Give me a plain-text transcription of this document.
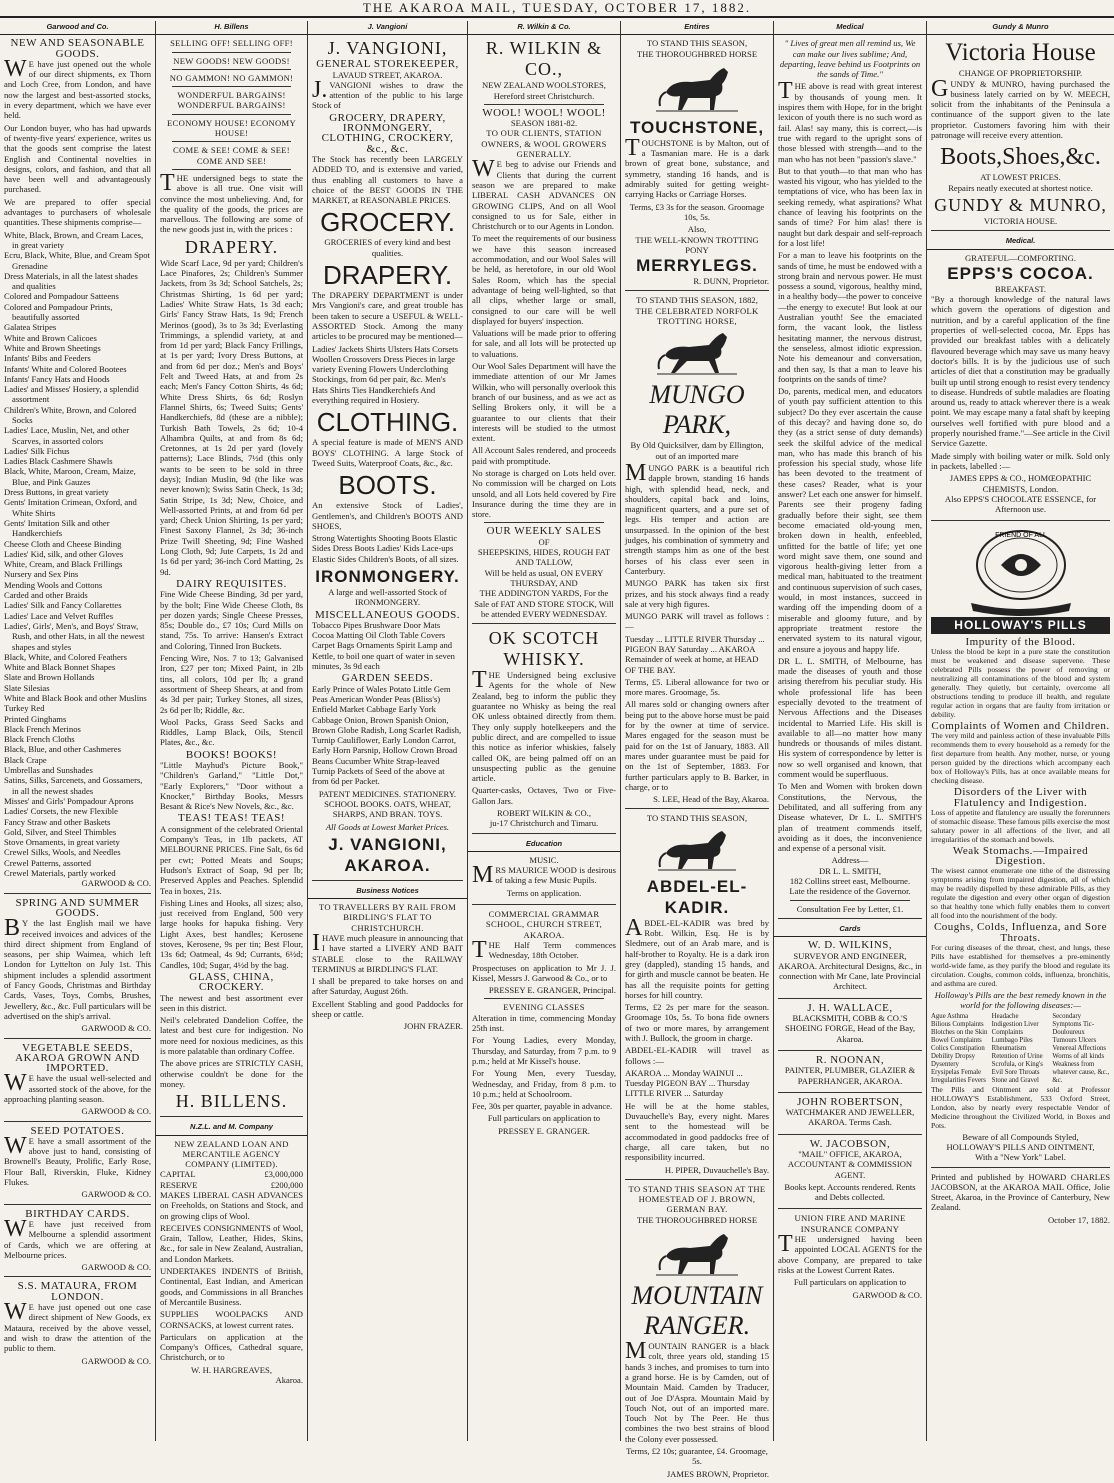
THE AKAROA MAIL, TUESDAY, OCTOBER 17, 1882.
Garwood and Co.
NEW AND SEASONABLE GOODS.

WE have just opened out the whole of our direct shipments, ex Thorn and Loch Cree, from London, and have now the largest and best-assorted stocks, in every department, which we have ever held.

Our London buyer, who has had upwards of twenty-five years' experience, writes us that the goods sent comprise the latest English and Continental novelties in designs, colors, and fashion, and that all have been well and advantageously purchased.

We are prepared to offer special advantages to purchasers of wholesale quantities. These shipments comprise—

White, Black, Brown, and Cream Laces, in great variety

Ecru, Black, White, Blue, and Cream Spot Grenadine

Dress Materials, in all the latest shades and qualities

Colored and Pompadour Satteens

Colored and Pompadour Prints, beautifully assorted

Galatea Stripes

White and Brown Calicoes

White and Brown Sheetings

Infants' Bibs and Feeders

Infants' White and Colored Bootees

Infants' Fancy Hats and Hoods

Ladies' and Misses' Hosiery, a splendid assortment

Children's White, Brown, and Colored Socks

Ladies' Lace, Muslin, Net, and other Scarves, in assorted colors

Ladies' Silk Fichus

Ladies Black Cashmere Shawls

Black, White, Maroon, Cream, Maize, Blue, and Pink Gauzes

Dress Buttons, in great variety

Gents' Imitation Crimean, Oxford, and White Shirts

Gents' Imitation Silk and other Handkerchiefs

Cheese Cloth and Cheese Binding

Ladies' Kid, silk, and other Gloves

White, Cream, and Black Frillings

Nursery and Sex Pins

Mending Wools and Cottons

Carded and other Braids

Ladies' Silk and Fancy Collarettes

Ladies' Lace and Velvet Ruffles

Ladies', Girls', Men's, and Boys' Straw, Rush, and other Hats, in all the newest shapes and styles

Black, White, and Colored Feathers

White and Black Bonnet Shapes

Slate and Brown Hollands

Slate Silesias

White and Black Book and other Muslins

Turkey Red

Printed Ginghams

Black French Merinos

Black French Cloths

Black, Blue, and other Cashmeres

Black Crape

Umbrellas and Sunshades

Satins, Silks, Sarcenets, and Gossamers, in all the newest shades

Misses' and Girls' Pompadour Aprons

Ladies' Corsets, the new Flexible

Fancy Straw and other Baskets

Gold, Silver, and Steel Thimbles

Stove Ornaments, in great variety

Crewel Silks, Wools, and Needles

Crewel Patterns, assorted

Crewel Materials, partly worked

GARWOOD & CO.
SPRING AND SUMMER GOODS.

BY the last English mail we have received invoices and advices of the third direct shipment from England of seasons, per ship Waimea, which left London for Lyttelton on July 1st. This shipment includes a splendid assortment of Fancy Goods, Christmas and Birthday Cards, Vases, Toys, Combs, Brushes, Jewellery, &c., &c. Full particulars will be advertised on the ship's arrival.

GARWOOD & CO.
VEGETABLE SEEDS, AKAROA GROWN AND IMPORTED.

WE have the usual well-selected and assorted stock of the above, for the approaching planting season.

GARWOOD & CO.
SEED POTATOES.

WE have a small assortment of the above just to hand, consisting of Brownell's Beauty, Prolific, Early Rose, Flour Ball, Riverskin, Fluke, Kidney Flukes.

GARWOOD & CO.
BIRTHDAY CARDS.

WE have just received from Melbourne a splendid assortment of Cards, which we are offering at Melbourne prices.

GARWOOD & CO.
S.S. MATAURA, FROM LONDON.

WE have just opened out one case direct shipment of New Goods, ex Mataura, received by the above vessel, and wish to draw the attention of the public to them.

GARWOOD & CO.
H. Billens
SELLING OFF! SELLING OFF!
NEW GOODS! NEW GOODS!
NO GAMMON! NO GAMMON!
WONDERFUL BARGAINS! WONDERFUL BARGAINS!
ECONOMY HOUSE! ECONOMY HOUSE!
COME & SEE! COME & SEE! COME AND SEE!

THE undersigned begs to state the above is all true. One visit will convince the most unbelieving. And, for the quality of the goods, the prices are marvellous. The following are some of the new goods just in, with the prices :

DRAPERY.

Wide Scarf Lace, 9d per yard; Children's Lace Pinafores, 2s; Children's Summer Jackets, from 3s 3d; School Satchels, 2s; Christmas Shirting, 1s 6d per yard; Ladies' White Straw Hats, 1s 3d each; Girls' Fancy Straw Hats, 1s 9d; French Merinos (good), 3s to 3s 3d; Everlasting Trimmings, a splendid variety, at and from 1d per yard; Black Fancy Frillings, at 1s per yard; Ivory Dress Buttons, at and from 6d per doz.; Men's and Boys' Felt and Tweed Hats, at and from 2s each; Men's Fancy Cotton Shirts, 4s 6d; White Dress Shirts, 6s 6d; Roslyn Flannel Shirts, 6s; Tweed Suits; Gents' Handkerchiefs, 8d (these are a nibble); Turkish Bath Towels, 2s 6d; 10-4 Alhambra Quilts, at and from 8s 6d; Cretonnes, at 1s 2d per yard (lovely patterns); Lace Blinds, 7½d (this only wants to be seen to be sold in three days); Indian Muslin, 9d (the like was never known); Swiss Satin Check, 1s 3d; Satin Stripe, 1s 3d; New, Choice, and Well-assorted Prints, at and from 6d per yard; Check Union Shirting, 1s per yard; Finest Saxony Flannel, 2s 3d; 36-inch Prize Twill Sheeting, 9d; Fine Washed Long Cloth, 9d; Jute Carpets, 1s 2d and 1s 6d per yard; 36-inch Cord Matting, 2s 9d.

DAIRY REQUISITES.

Fine Wide Cheese Binding, 3d per yard, by the bolt; Fine Wide Cheese Cloth, 8s per dozen yards; Single Cheese Presses, 85s; Double do., £7 10s; Curd Mills on stand, 75s. To arrive: Hansen's Extract and Coloring, Tinned Iron Buckets.

Fencing Wire, Nos. 7 to 13; Galvanised Iron, £27 per ton; Mixed Paint, in 2lb tins, all colors, 10d per lb; a grand assortment of Sheep Shears, at and from 4s 3d per pair; Turkey Stones, all sizes, 2s 6d per lb; Riddle, &c.

Wool Packs, Grass Seed Sacks and Riddles, Lamp Black, Oils, Stencil Plates, &c., &c.

BOOKS! BOOKS!

"Little Mayhud's Picture Book," "Children's Garland," "Little Dot," "Early Explorers," "Door without a Knocker," Birthday Books, Messrs Besant & Rice's New Novels, &c., &c.

TEAS! TEAS! TEAS!

A consignment of the celebrated Oriental Company's Teas, in 1lb packets, AT MELBOURNE PRICES. Fine Salt, 6s 6d per cwt; Potted Meats and Soups; Hudson's Extract of Soap, 9d per lb; Preserved Apples and Peaches. Splendid Tea in boxes, 21s.

Fishing Lines and Hooks, all sizes; also, just received from England, 500 very large hooks for hapuka fishing. Very Light Axes, best handles; Kerosene stoves, Kerosene, 9s per tin; Best Flour, 13s 6d; Oatmeal, 4s 9d; Currants, 6½d; Candles, 10d; Sugar, 4½d by the bag.

GLASS, CHINA, CROCKERY.

The newest and best assortment ever seen in this district.

Neil's celebrated Dandelion Coffee, the latest and best cure for indigestion. No more need for noxious medicines, as this is more palatable than ordinary Coffee.

The above prices are STRICTLY CASH, otherwise couldn't be done for the money.

H. BILLENS.
N.Z.L. and M. Company
NEW ZEALAND LOAN AND MERCANTILE AGENCY COMPANY (LIMITED).
CAPITAL	£3,000,000
RESERVE	£200,000

MAKES LIBERAL CASH ADVANCES on Freeholds, on Stations and Stock, and on growing clips of Wool.

RECEIVES CONSIGNMENTS of Wool, Grain, Tallow, Leather, Hides, Skins, &c., for sale in New Zealand, Australian, and London Markets.

UNDERTAKES INDENTS of British, Continental, East Indian, and American goods, and Commissions in all Branches of Mercantile Business.

SUPPLIES WOOLPACKS AND CORNSACKS, at lowest current rates.

Particulars on application at the Company's Offices, Cathedral square, Christchurch, or to

W. H. HARGREAVES,
Akaroa.
J. Vangioni
J. VANGIONI,
GENERAL STOREKEEPER,
LAVAUD STREET, AKAROA.

J.VANGIONI wishes to draw the attention of the public to his large Stock of

GROCERY, DRAPERY, IRONMONGERY, CLOTHING, CROCKERY, &c., &c.

The Stock has recently been LARGELY ADDED TO, and is extensive and varied, thus enabling all customers to have a choice of the BEST GOODS IN THE MARKET, at REASONABLE PRICES.

GROCERY.

GROCERIES of every kind and best qualities.

DRAPERY.

The DRAPERY DEPARTMENT is under Mrs Vangioni's care, and great trouble has been taken to secure a USEFUL & WELL-ASSORTED Stock. Among the many articles to be procured may be mentioned—

Ladies' Jackets Shirts Ulsters Hats Corsets Woollen Crossovers Dress Pieces in large variety Evening Flowers Underclothing Stockings, from 6d per pair, &c. Men's Hats Shirts Ties Handkerchiefs And everything required in Hosiery.

CLOTHING.

A special feature is made of MEN'S AND BOYS' CLOTHING. A large Stock of Tweed Suits, Waterproof Coats, &c., &c.

BOOTS.

An extensive Stock of Ladies', Gentlemen's, and Children's BOOTS AND SHOES,

Strong Watertights Shooting Boots Elastic Sides Dress Boots Ladies' Kids Lace-ups Elastic Sides Children's Boots, of all sizes.

IRONMONGERY.

A large and well-assorted Stock of IRONMONGERY.

MISCELLANEOUS GOODS.

Tobacco Pipes Brushware Door Mats Cocoa Matting Oil Cloth Table Covers Carpet Bags Ornaments Spirit Lamp and Kettle, to boil one quart of water in seven minutes, 3s 9d each

GARDEN SEEDS.

Early Prince of Wales Potato Little Gem Peas American Wonder Peas (Bliss's) Enfield Market Cabbage Early York Cabbage Onion, Brown Spanish Onion, Brown Globe Radish, Long Scarlet Radish, Turnip Cauliflower, Early London Carrot, Early Horn Parsnip, Hollow Crown Broad Beans Cucumber White Strap-leaved Turnip Packets of Seed of the above at from 6d per Packet.

PATENT MEDICINES. STATIONERY. SCHOOL BOOKS. OATS, WHEAT, SHARPS, AND BRAN. TOYS.

All Goods at Lowest Market Prices.

J. VANGIONI, AKAROA.
Business Notices
TO TRAVELLERS BY RAIL FROM BIRDLING'S FLAT TO CHRISTCHURCH.

IHAVE much pleasure in announcing that I have started a LIVERY AND BAIT STABLE close to the RAILWAY TERMINUS at BIRDLING'S FLAT.

I shall be prepared to take horses on and after Saturday, August 26th.

Excellent Stabling and good Paddocks for sheep or cattle.

JOHN FRAZER.
R. Wilkin & Co.
R. WILKIN & CO.,
NEW ZEALAND WOOLSTORES, Hereford street Christchurch.
WOOL! WOOL! WOOL!
SEASON 1881-82.
TO OUR CLIENTS, STATION OWNERS, & WOOL GROWERS GENERALLY.

WE beg to advise our Friends and Clients that during the current season we are prepared to make LIBERAL CASH ADVANCES ON GROWING CLIPS, And on all Wool consigned to us for Sale, either in Christchurch or to our Agents in London.

To meet the requirements of our business we have this season increased accommodation, and our Wool Sales will be held, as heretofore, in our old Wool Sales Room, which has the special advantage of being well-lighted, so that all clips, whether large or small, consigned to our care will be well displayed for buyers' inspection.

Valuations will be made prior to offering for sale, and all lots will be protected up to valuations.

Our Wool Sales Department will have the immediate attention of our Mr James Wilkin, who will personally overlook this branch of our business, and as we act as Selling Brokers only, it will be a guarantee to our clients that their interests will be studied to the utmost extent.

All Account Sales rendered, and proceeds paid with promptitude.

No storage is charged on Lots held over. No commission will be charged on Lots unsold, and all Lots held covered by Fire Insurance during the time they are in store.

OUR WEEKLY SALES
OF
SHEEPSKINS, HIDES, ROUGH FAT AND TALLOW,
Will be held as usual, ON EVERY THURSDAY, AND
THE ADDINGTON YARDS, For the Sale of FAT AND STORE STOCK, Will be attended EVERY WEDNESDAY.
OK SCOTCH WHISKY.

THE Undersigned being exclusive Agents for the whole of New Zealand, beg to inform the public they guarantee no Whisky as being the real OK unless obtained directly from them. They only supply hotelkeepers and the public direct, and are compelled to issue this notice as inferior whiskies, falsely called OK, are being palmed off on an unsuspecting public as the genuine article.

Quarter-casks, Octaves, Two or Five-Gallon Jars.

ROBERT WILKIN & CO.,
ju-17 Christchurch and Timaru.
Education
MUSIC.

MRS MAURICE WOOD is desirous of taking a few Music Pupils.

Terms on application.

COMMERCIAL GRAMMAR SCHOOL, CHURCH STREET, AKAROA.

THE Half Term commences Wednesday, 18th October.

Prospectuses on application to Mr J. J. Kissel, Messrs J. Garwood & Co., or to

PRESSEY E. GRANGER, Principal.
EVENING CLASSES

Alteration in time, commencing Monday 25th inst.

For Young Ladies, every Monday, Thursday, and Saturday, from 7 p.m. to 9 p.m.; held at Mr Kissel's house.

For Young Men, every Tuesday, Wednesday, and Friday, from 8 p.m. to 10 p.m.; held at Schoolroom.

Fee, 30s per quarter, payable in advance.

Full particulars on application to

PRESSEY E. GRANGER.
Entires
TO STAND THIS SEASON,
THE THOROUGHBRED HORSE
TOUCHSTONE,

TOUCHSTONE is by Malton, out of a Tasmanian mare. He is a dark brown of great bone, substance, and symmetry, standing 16 hands, and is admirably suited for getting weight-carrying Hacks or Carriage Horses.

Terms, £3 3s for the season. Groomage 10s, 5s.

Also,
THE WELL-KNOWN TROTTING PONY
MERRYLEGS.
R. DUNN, Proprietor.
TO STAND THIS SEASON, 1882,
THE CELEBRATED NORFOLK TROTTING HORSE,
MUNGO PARK,

By Old Quicksilver, dam by Ellington, out of an imported mare

MUNGO PARK is a beautiful rich dapple brown, standing 16 hands high, with splendid head, neck, and shoulders, capital back and loins, magnificent quarters, and a pure set of legs. His temper and action are unsurpassed. In the opinion of the best judges, his combination of symmetry and strength stamps him as one of the best horses of his class ever seen in Canterbury.

MUNGO PARK has taken six first prizes, and his stock always find a ready sale at very high figures.

MUNGO PARK will travel as follows :—

Tuesday ... LITTLE RIVER Thursday ... PIGEON BAY Saturday ... AKAROA Remainder of week at home, at HEAD OF THE BAY.

Terms, £5. Liberal allowance for two or more mares. Groomage, 5s.

All mares sold or changing owners after being put to the above horse must be paid for by the owner at time of service. Mares engaged for the season must be paid for on the 1st of January, 1883. All mares under guarantee must be paid for on the 1st of September, 1883. For further particulars apply to B. Barker, in charge, or to

S. LEE, Head of the Bay, Akaroa.
TO STAND THIS SEASON,
ABDEL-EL-KADIR.

ABDEL-EL-KADIR was bred by Robt. Wilkin, Esq. He is by Sledmere, out of an Arab mare, and is half-brother to Royalty. He is a dark iron grey (dappled), standing 15 hands, and for girth and muscle cannot be beaten. He has all the requisite points for getting horses for hill country.

Terms, £2 2s per mare for the season. Groomage 10s, 5s. To bona fide owners of two or more mares, by arrangement with J. Bullock, the groom in charge.

ABDEL-EL-KADIR will travel as follows :—

AKAROA ... Monday WAINUI ... Tuesday PIGEON BAY ... Thursday LITTLE RIVER ... Saturday

He will be at the home stables, Duvauchelle's Bay, every night. Mares sent to the homestead will be accommodated in good paddocks free of charge, all care taken, but no responsibility incurred.

H. PIPER, Duvauchelle's Bay.
TO STAND THIS SEASON AT THE HOMESTEAD OF J. BROWN, GERMAN BAY.
THE THOROUGHBRED HORSE
MOUNTAIN RANGER.

MOUNTAIN RANGER is a black colt, three years old, standing 15 hands 3 inches, and promises to turn into a grand horse. He is by Camden, out of Mountain Maid. Camden by Traducer, out of Joe D'Aspra. Mountain Maid by Touch Not, out of an imported mare. Touch Not by The Peer. He thus combines the two best strains of blood the Colony ever possessed.

Terms, £2 10s; guarantee, £4. Groomage, 5s.

JAMES BROWN, Proprietor.
Medical

" Lives of great men all remind us, We can make our lives sublime; And, departing, leave behind us Footprints on the sands of Time."

THE above is read with great interest by thousands of young men. It inspires them with Hope, for in the bright lexicon of youth there is no such word as fail. Alas! say many, this is correct,—is true with regard to the upright sons of those blessed with strength—and to the man who has not been "passion's slave."

But to that youth—to that man who has wasted his vigour, who has yielded to the temptations of vice, who has been lax in seeking remedy, what aspirations? What chance of leaving his footprints on the sands of time? For him alas! there is naught but dark despair and self-reproach for a lost life!

For a man to leave his footprints on the sands of time, he must be endowed with a strong brain and nervous power. He must possess a sound, vigorous, healthy mind, in a healthy body—the power to conceive—the energy to execute! But look at our Australian youth! See the emaciated form, the vacant look, the listless hesitating manner, the nervous distrust, the senseless, almost idiotic expression. Note his demeanour and conversation, and then say, Is that a man to leave his footprints on the sands of time?

Do, parents, medical men, and educators of youth pay sufficient attention to this subject? Do they ever ascertain the cause of this decay? and having done so, do they (as a strict sense of duty demands) seek the skilful advice of the medical man, who has made this branch of his profession his special study, whose life has been devoted to the treatment of these cases? Reader, what is your answer? Let each one answer for himself. Parents see their progeny fading gradually before their sight, see them become emaciated old-young men, broken down in health, enfeebled, unfitted for the battle of life; yet one word might save them, one sound and vigorous health-giving letter from a medical man, habituated to the treatment and continuous supervision of such cases, would, in most instances, succeed in warding off the impending doom of a miserable and gloomy future, and by appropriate treatment restore the enervated system to its natural vigour, and ensure a joyous and happy life.

DR L. L. SMITH, of Melbourne, has made the diseases of youth and those arising therefrom his peculiar study. His whole professional life has been especially devoted to the treatment of Nervous Affections and the Diseases incidental to Married Life. His skill is available to all—no matter how many hundreds or thousands of miles distant. His system of correspondence by letter is now so well organised and known, that comment would be superfluous.

To Men and Women with broken down Constitutions, the Nervous, the Debilitated, and all suffering from any Disease whatever, Dr L. L. SMITH'S plan of treatment commends itself, avoiding as it does, the inconvenience and expense of a personal visit.

Address—
DR L. L. SMITH,
182 Collins street east, Melbourne.
Late the residence of the Governor.
Consultation Fee by Letter, £1.
Cards
W. D. WILKINS,

SURVEYOR AND ENGINEER, AKAROA. Architectural Designs, &c., in connection with Mr Cane, late Provincial Architect.

J. H. WALLACE,

BLACKSMITH, COBB & CO.'S SHOEING FORGE, Head of the Bay, Akaroa.

R. NOONAN,

PAINTER, PLUMBER, GLAZIER & PAPERHANGER, AKAROA.

JOHN ROBERTSON,

WATCHMAKER AND JEWELLER, AKAROA. Terms Cash.

W. JACOBSON,

"MAIL" OFFICE, AKAROA, ACCOUNTANT & COMMISSION AGENT.

Books kept. Accounts rendered. Rents and Debts collected.

UNION FIRE AND MARINE INSURANCE COMPANY

THE undersigned having been appointed LOCAL AGENTS for the above Company, are prepared to take risks at the Lowest Current Rates.

Full particulars on application to

GARWOOD & CO.
Gundy & Munro
Victoria House
CHANGE OF PROPRIETORSHIP.

GUNDY & MUNRO, having purchased the business lately carried on by W. MEECH, solicit from the inhabitants of the Peninsula a continuance of the support given to the late proprietor. Customers favoring him with their patronage will receive every attention.

Boots,Shoes,&c.
AT LOWEST PRICES.

Repairs neatly executed at shortest notice.

GUNDY & MUNRO,
VICTORIA HOUSE.
Medical.
GRATEFUL—COMFORTING.
EPPS'S COCOA.
BREAKFAST.

"By a thorough knowledge of the natural laws which govern the operations of digestion and nutrition, and by a careful application of the fine properties of well-selected cocoa, Mr. Epps has provided our breakfast tables with a delicately flavoured beverage which may save us many heavy doctor's bills. It is by the judicious use of such articles of diet that a constitution may be gradually built up until strong enough to resist every tendency to disease. Hundreds of subtle maladies are floating around us, ready to attack wherever there is a weak point. We may escape many a fatal shaft by keeping ourselves well fortified with pure blood and a properly nourished frame."—See article in the Civil Service Gazette.

Made simply with boiling water or milk. Sold only in packets, labelled :—

JAMES EPPS & CO., HOMŒOPATHIC CHEMISTS, London.

Also EPPS'S CHOCOLATE ESSENCE, for Afternoon use.

FRIEND OF ALL
HOLLOWAY'S PILLS
Impurity of the Blood.

Unless the blood be kept in a pure state the constitution must be weakened and disease supervene. These celebrated Pills possess the power of removing or neutralizing all contaminations of the blood and system generally. They quietly, but certainly, overcome all obstructions tending to produce ill health, and regulate regular action in organs that are faulty from irritation or debility.

Complaints of Women and Children.

The very mild and painless action of these invaluable Pills recommends them to every household as a remedy for the first departure from health. Any mother, nurse, or young person guided by the directions which accompany each box of Holloway's Pills, has at once available means for checking disease.

Disorders of the Liver with Flatulency and Indigestion.

Loss of appetite and flatulency are usually the forerunners of stomachic disease. These famous pills exercise the most salutary power in all affections of the liver, and all irregularities of the stomach and bowels.

Weak Stomachs.—Impaired Digestion.

The wisest cannot enumerate one tithe of the distressing symptoms arising from impaired digestion, all of which may be readily dispelled by these admirable Pills, as they regulate the digestion and every other organ of digestion so that healthy tone which fully enables them to convert all food into the nourishment of the body.

Coughs, Colds, Influenza, and Sore Throats.

For curing diseases of the throat, chest, and lungs, these Pills have established for themselves a pre-eminently world-wide fame, as they purify the blood and regulate its circulation. Coughs, common colds, influenza, bronchitis, and asthma are cured.

Holloway's Pills are the best remedy known in the world for the following diseases:—

Ague Asthma Bilious Complaints Blotches on the Skin Bowel Complaints Colics Constipation Debility Dropsy Dysentery Erysipelas Female Irregularities Fevers
Headache Indigestion Liver Complaints Lumbago Piles Rheumatism Retention of Urine Scrofula, or King's Evil Sore Throats Stone and Gravel
Secondary Symptoms Tic-Douloureux Tumours Ulcers Venereal Affections Worms of all kinds Weakness from whatever cause, &c., &c.

The Pills and Ointment are sold at Professor HOLLOWAY'S Establishment, 533 Oxford Street, London, also by nearly every respectable Vendor of Medicine throughout the Civilized World, in Boxes and Pots.

Beware of all Compounds Styled,
HOLLOWAY'S PILLS AND OINTMENT,
With a "New York" Label.

Printed and published by HOWARD CHARLES JACOBSON, at the AKAROA MAIL Office, Jolie Street, Akaroa, in the Province of Canterbury, New Zealand.

October 17, 1882.
